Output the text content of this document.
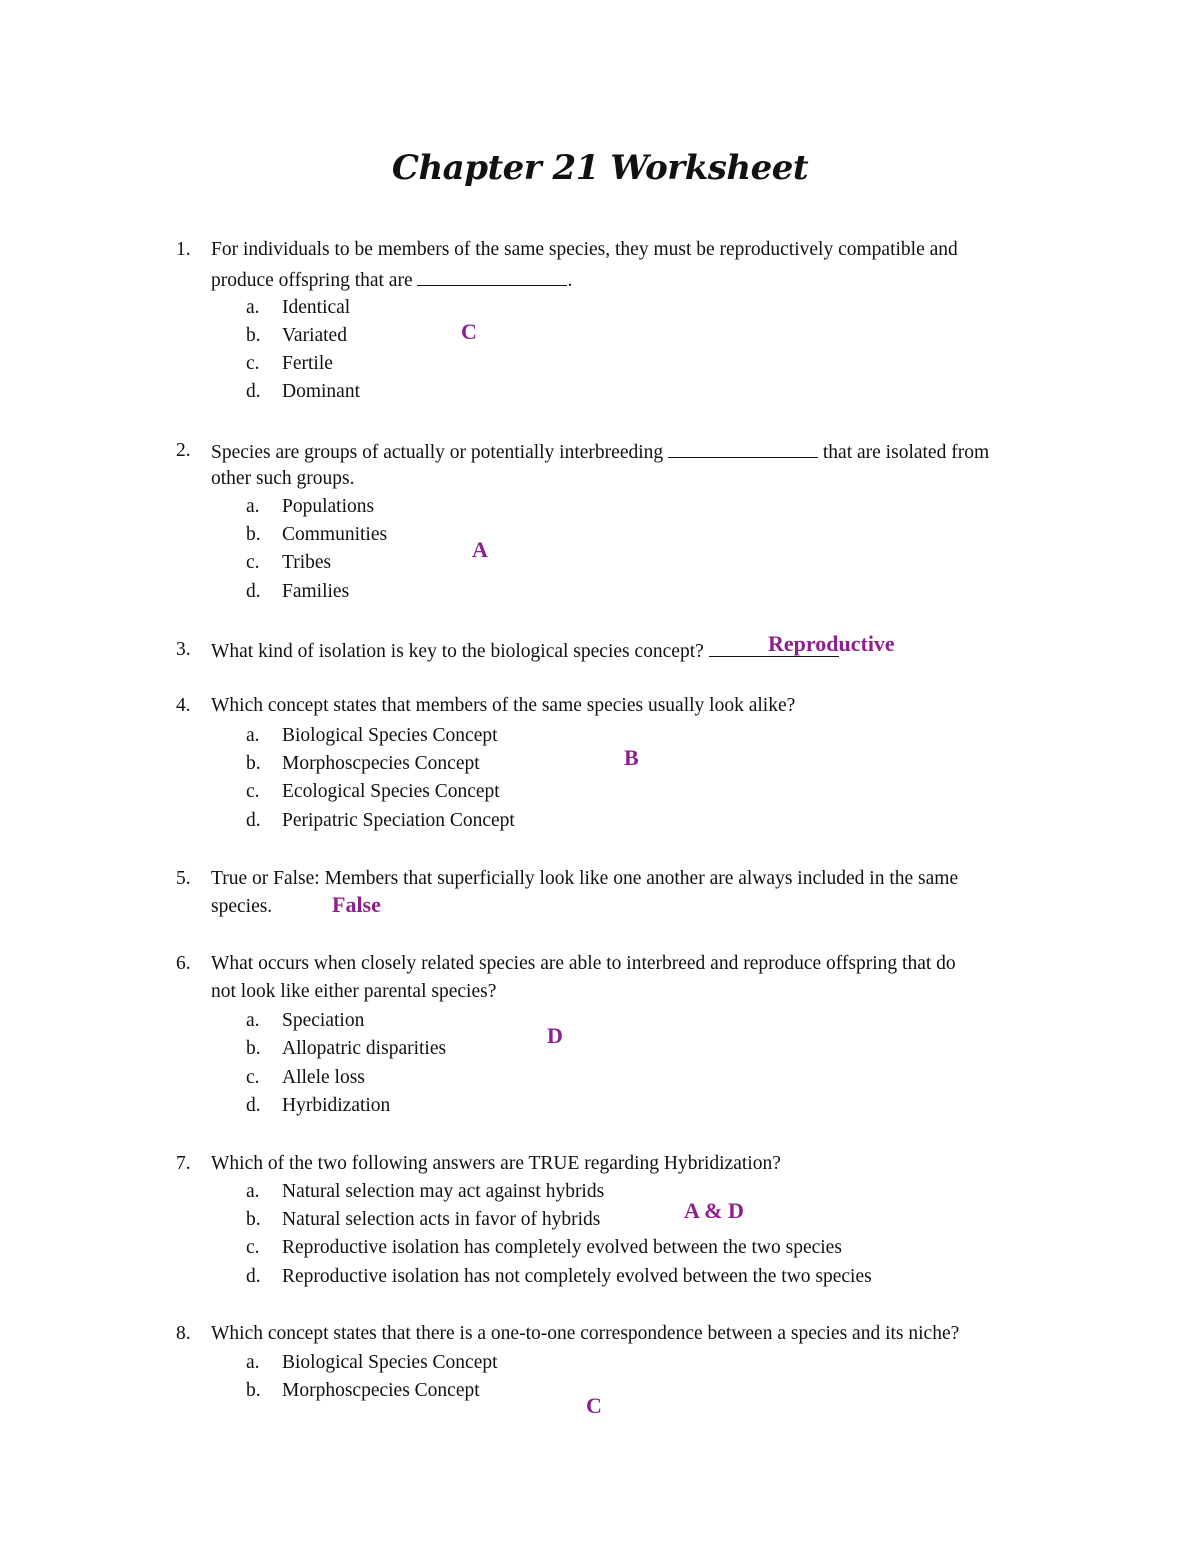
Chapter 21 Worksheet
1. For individuals to be members of the same species, they must be reproductively compatible and
produce offspring that are	.
a. Identical
b. Variated
c. Fertile
d. Dominant
C
2. Species are groups of actually or potentially interbreeding	that are isolated from
other such groups.
a. Populations
b. Communities
c. Tribes
d. Families
A
3. What kind of isolation is key to the biological species concept?	Reproductive
4. Which concept states that members of the same species usually look alike?
a. Biological Species Concept
b. Morphoscpecies Concept
c. Ecological Species Concept
d. Peripatric Speciation Concept
B
5. True or False: Members that superficially look like one another are always included in the same
species.	False
6. What occurs when closely related species are able to interbreed and reproduce offspring that do
not look like either parental species?
a. Speciation
b. Allopatric disparities
c. Allele loss
d. Hyrbidization
D
7. Which of the two following answers are TRUE regarding Hybridization?
a. Natural selection may act against hybrids
b. Natural selection acts in favor of hybrids
c. Reproductive isolation has completely evolved between the two species
d. Reproductive isolation has not completely evolved between the two species
A & D
8. Which concept states that there is a one-to-one correspondence between a species and its niche?
a. Biological Species Concept
b. Morphoscpecies Concept
C
